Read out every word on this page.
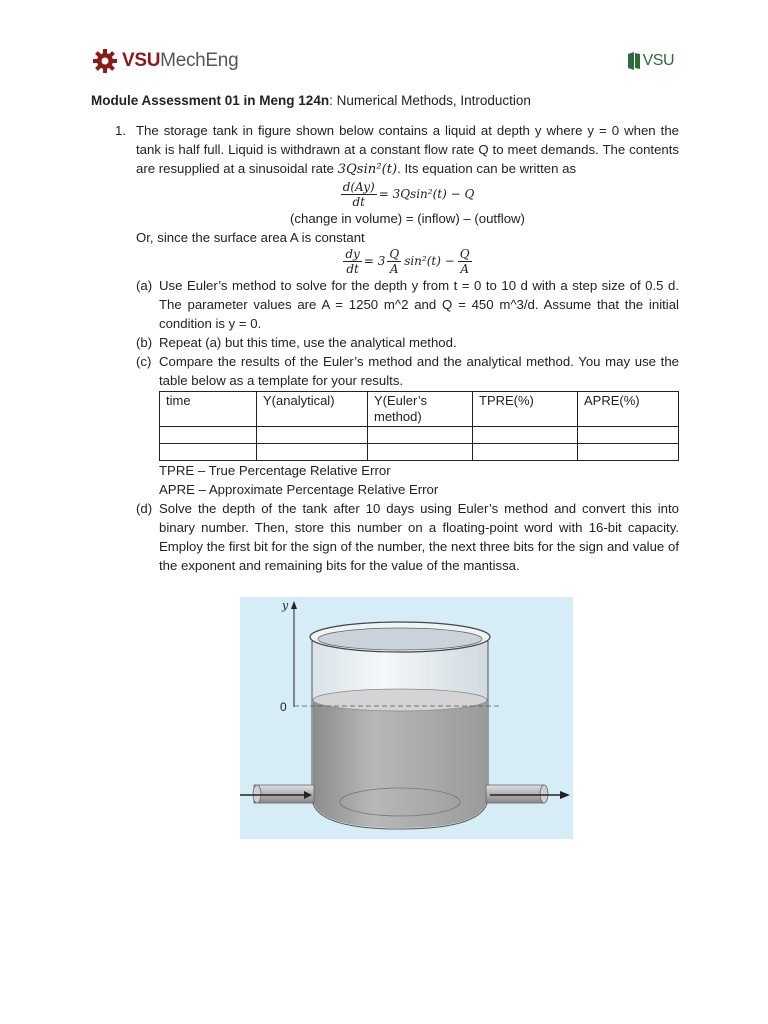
VSU MechEng	VSU
Module Assessment 01 in Meng 124n: Numerical Methods, Introduction
1. The storage tank in figure shown below contains a liquid at depth y where y = 0 when the tank is half full. Liquid is withdrawn at a constant flow rate Q to meet demands. The contents are resupplied at a sinusoidal rate 3Qsin²(t). Its equation can be written as
$\frac{d(Ay)}{dt} = 3Qsin^2(t) - Q$
(change in volume) = (inflow) – (outflow)
Or, since the surface area A is constant
$\frac{dy}{dt} = 3 \frac{Q}{A} \sin^2(t) - \frac{Q}{A}$
(a) Use Euler’s method to solve for the depth y from t = 0 to 10 d with a step size of 0.5 d. The parameter values are A = 1250 m^2 and Q = 450 m^3/d. Assume that the initial condition is y = 0.
(b) Repeat (a) but this time, use the analytical method.
(c) Compare the results of the Euler’s method and the analytical method. You may use the table below as a template for your results.
time	Y(analytical)	Y(Euler’s method)	TPRE(%)	APRE(%)

TPRE – True Percentage Relative Error
APRE – Approximate Percentage Relative Error
(d) Solve the depth of the tank after 10 days using Euler’s method and convert this into binary number. Then, store this number on a floating-point word with 16-bit capacity. Employ the first bit for the sign of the number, the next three bits for the sign and value of the exponent and remaining bits for the value of the mantissa.
y
0
